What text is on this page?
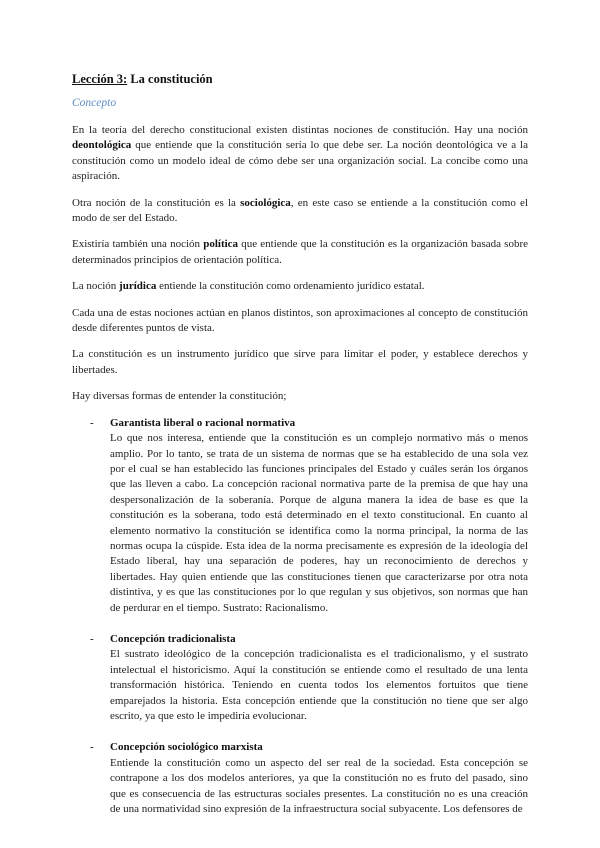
Lección 3: La constitución

Concepto

En la teoría del derecho constitucional existen distintas nociones de constitución. Hay una noción deontológica que entiende que la constitución sería lo que debe ser. La noción deontológica ve a la constitución como un modelo ideal de cómo debe ser una organización social. La concibe como una aspiración.

Otra noción de la constitución es la sociológica, en este caso se entiende a la constitución como el modo de ser del Estado.

Existiría también una noción política que entiende que la constitución es la organización basada sobre determinados principios de orientación política.

La noción jurídica entiende la constitución como ordenamiento jurídico estatal.

Cada una de estas nociones actúan en planos distintos, son aproximaciones al concepto de constitución desde diferentes puntos de vista.

La constitución es un instrumento jurídico que sirve para limitar el poder, y establece derechos y libertades.

Hay diversas formas de entender la constitución;

- Garantista liberal o racional normativa
Lo que nos interesa, entiende que la constitución es un complejo normativo más o menos amplio. Por lo tanto, se trata de un sistema de normas que se ha establecido de una sola vez por el cual se han establecido las funciones principales del Estado y cuáles serán los órganos que las lleven a cabo. La concepción racional normativa parte de la premisa de que hay una despersonalización de la soberanía. Porque de alguna manera la idea de base es que la constitución es la soberana, todo está determinado en el texto constitucional. En cuanto al elemento normativo la constitución se identifica como la norma principal, la norma de las normas ocupa la cúspide. Esta idea de la norma precisamente es expresión de la ideología del Estado liberal, hay una separación de poderes, hay un reconocimiento de derechos y libertades. Hay quien entiende que las constituciones tienen que caracterizarse por otra nota distintiva, y es que las constituciones por lo que regulan y sus objetivos, son normas que han de perdurar en el tiempo. Sustrato: Racionalismo.
- Concepción tradicionalista
El sustrato ideológico de la concepción tradicionalista es el tradicionalismo, y el sustrato intelectual el historicismo. Aquí la constitución se entiende como el resultado de una lenta transformación histórica. Teniendo en cuenta todos los elementos fortuitos que tiene emparejados la historia. Esta concepción entiende que la constitución no tiene que ser algo escrito, ya que esto le impediría evolucionar.
- Concepción sociológico marxista
Entiende la constitución como un aspecto del ser real de la sociedad. Esta concepción se contrapone a los dos modelos anteriores, ya que la constitución no es fruto del pasado, sino que es consecuencia de las estructuras sociales presentes. La constitución no es una creación de una normatividad sino expresión de la infraestructura social subyacente. Los defensores de
